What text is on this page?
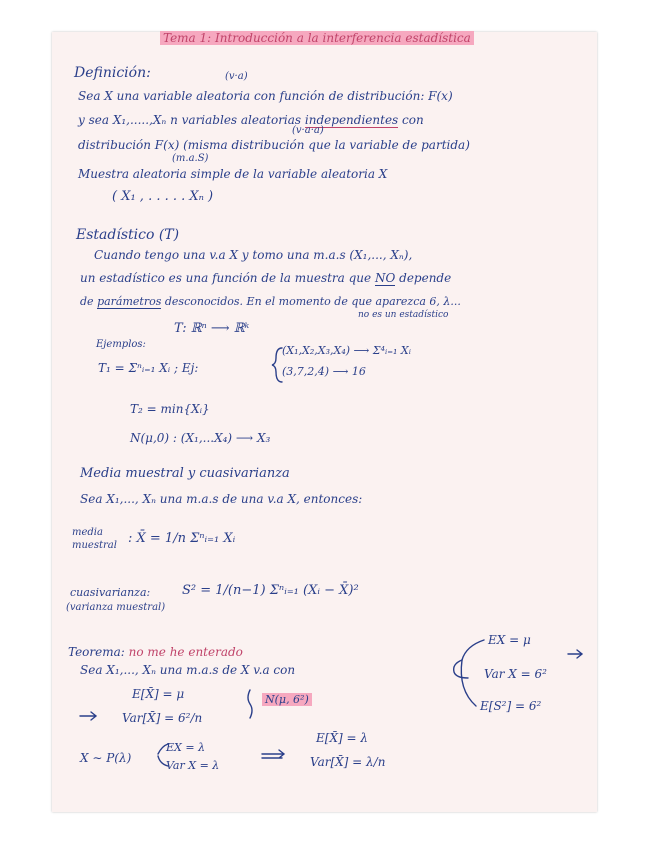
Tema 1: Introducción a la interferencia estadística
Definición:	(v·a)
Sea X una variable aleatoria con función de distribución: F(x)
y sea X₁,.....,Xₙ n variables aleatorias independientes con
(v·a·a)
distribución F(x) (misma distribución que la variable de partida)
(m.a.S)
Muestra aleatoria simple de la variable aleatoria X
( X₁ , . . . . . Xₙ )
Estadístico (T)
Cuando tengo una v.a X y tomo una m.a.s (X₁,..., Xₙ),
un estadístico es una función de la muestra que NO depende
de parámetros desconocidos. En el momento de que aparezca 6, λ...
no es un estadístico
T: ℝⁿ ⟶ ℝᵏ
Ejemplos:
T₁ = Σⁿᵢ₌₁ Xᵢ ; Ej:
(X₁,X₂,X₃,X₄) ⟶ Σ⁴ᵢ₌₁ Xᵢ
(3,7,2,4) ⟶ 16
T₂ = min{Xᵢ}
N(μ,0) : (X₁,...X₄) ⟶ X₃
Media muestral y cuasivarianza
Sea X₁,..., Xₙ una m.a.s de una v.a X, entonces:
media muestral : X̄ = 1/n Σⁿᵢ₌₁ Xᵢ
cuasivarianza:
(varianza muestral)
S² = 1/(n−1) Σⁿᵢ₌₁ (Xᵢ − X̄)²
Teorema: no me he enterado
Sea X₁,..., Xₙ una m.a.s de X v.a con
EX = μ
Var X = 6²
E[S²] = 6²
E[X̄] = μ
Var[X̄] = 6²/n
N(μ, 6²)
X ∼ P(λ)
EX = λ
Var X = λ
E[X̄] = λ
Var[X̄] = λ/n
